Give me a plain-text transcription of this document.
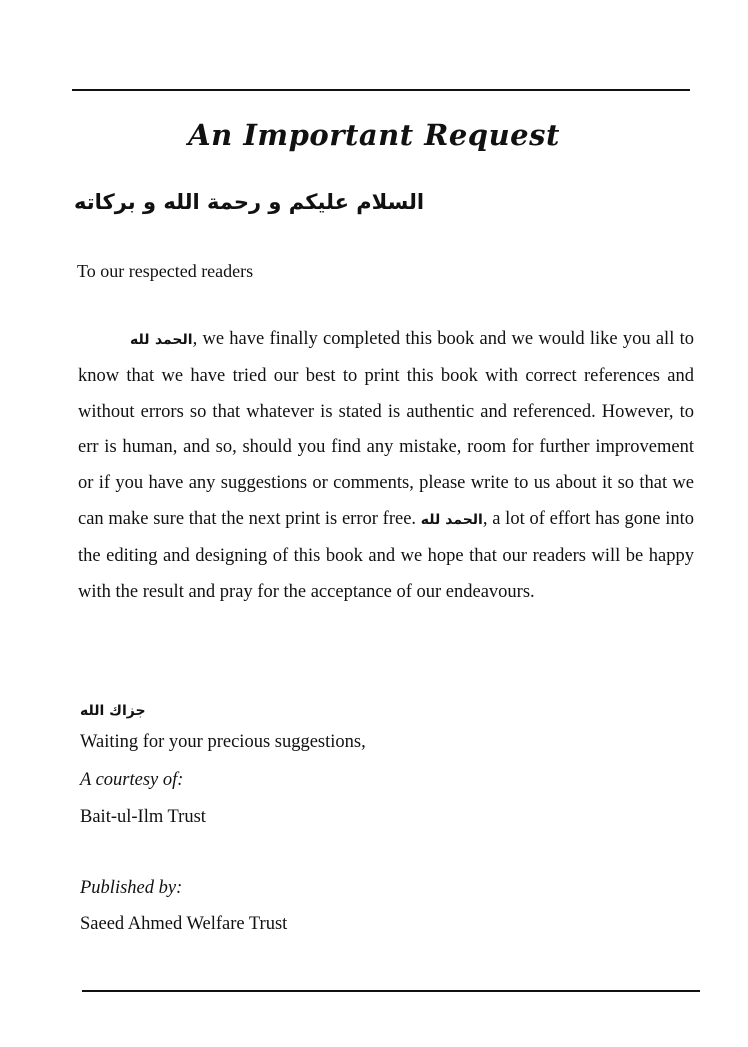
An Important Request
السلام علیکم و رحمة الله و برکاته
To our respected readers
الحمد لله, we have finally completed this book and we would like you all to know that we have tried our best to print this book with correct references and without errors so that whatever is stated is authentic and referenced. However, to err is human, and so, should you find any mistake, room for further improvement or if you have any suggestions or comments, please write to us about it so that we can make sure that the next print is error free. الحمد لله, a lot of effort has gone into the editing and designing of this book and we hope that our readers will be happy with the result and pray for the acceptance of our endeavours.
جزاك الله
Waiting for your precious suggestions,
A courtesy of:
Bait-ul-Ilm Trust
Published by:
Saeed Ahmed Welfare Trust
